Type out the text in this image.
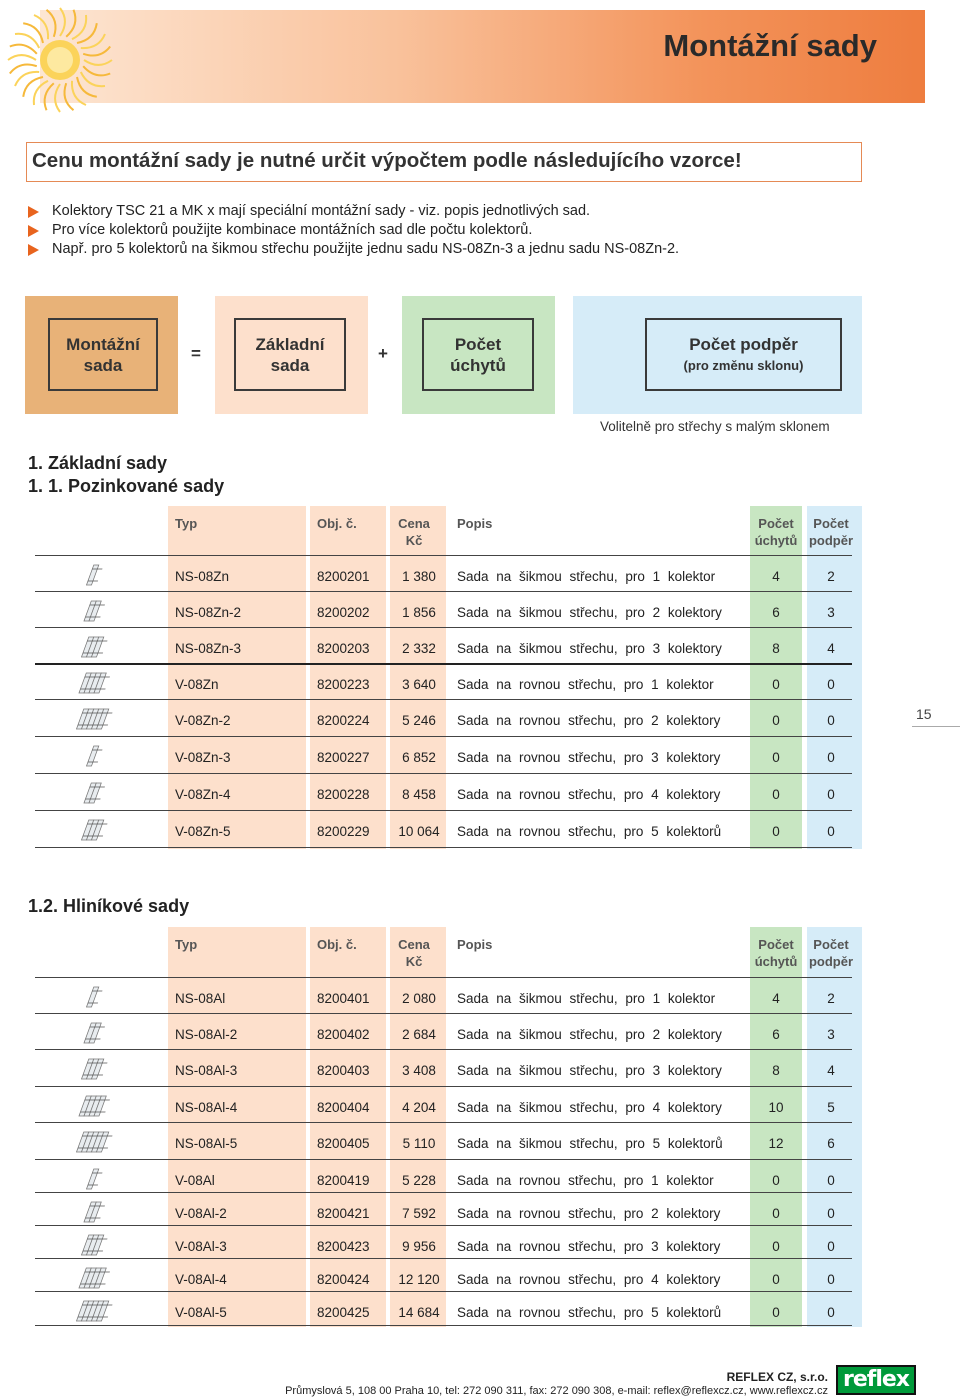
Montážní sady
Cenu montážní sady je nutné určit výpočtem podle následujícího vzorce!
Kolektory TSC 21 a MK x mají speciální montážní sady - viz. popis jednotlivých sad.
Pro více kolektorů použijte kombinace montážních sad dle počtu kolektorů.
Např. pro 5 kolektorů na šikmou střechu použijte jednu sadu NS-08Zn-3 a jednu sadu NS-08Zn-2.
Montážní
sada
=	Základní
sada
+	Počet
úchytů
Počet podpěr
(pro změnu sklonu)
Volitelně pro střechy s malým sklonem
1. Základní sady
1. 1. Pozinkované sady
Typ	Obj. č.	Cena
Kč
Popis	Počet
úchytů
Počet
podpěr
NS-08Zn	8200201	1 380	Sada na šikmou střechu, pro 1 kolektor	4	2
NS-08Zn-2	8200202	1 856	Sada na šikmou střechu, pro 2 kolektory	6	3
NS-08Zn-3	8200203	2 332	Sada na šikmou střechu, pro 3 kolektory	8	4
V-08Zn	8200223	3 640	Sada na rovnou střechu, pro 1 kolektor	0	0
V-08Zn-2	8200224	5 246	Sada na rovnou střechu, pro 2 kolektory	0	0
V-08Zn-3	8200227	6 852	Sada na rovnou střechu, pro 3 kolektory	0	0
V-08Zn-4	8200228	8 458	Sada na rovnou střechu, pro 4 kolektory	0	0
V-08Zn-5	8200229	10 064	Sada na rovnou střechu, pro 5 kolektorů	0	0
1.2. Hliníkové sady
Typ	Obj. č.	Cena
Kč
Popis	Počet
úchytů
Počet
podpěr
NS-08Al	8200401	2 080	Sada na šikmou střechu, pro 1 kolektor	4	2
NS-08Al-2	8200402	2 684	Sada na šikmou střechu, pro 2 kolektory	6	3
NS-08Al-3	8200403	3 408	Sada na šikmou střechu, pro 3 kolektory	8	4
NS-08Al-4	8200404	4 204	Sada na šikmou střechu, pro 4 kolektory	10	5
NS-08Al-5	8200405	5 110	Sada na šikmou střechu, pro 5 kolektorů	12	6
V-08Al	8200419	5 228	Sada na rovnou střechu, pro 1 kolektor	0	0
V-08Al-2	8200421	7 592	Sada na rovnou střechu, pro 2 kolektory	0	0
V-08Al-3	8200423	9 956	Sada na rovnou střechu, pro 3 kolektory	0	0
V-08Al-4	8200424	12 120	Sada na rovnou střechu, pro 4 kolektory	0	0
V-08Al-5	8200425	14 684	Sada na rovnou střechu, pro 5 kolektorů	0	0
15
REFLEX CZ, s.r.o.
Průmyslová 5, 108 00 Praha 10, tel: 272 090 311, fax: 272 090 308, e-mail: reflex@reflexcz.cz, www.reflexcz.cz reflex
